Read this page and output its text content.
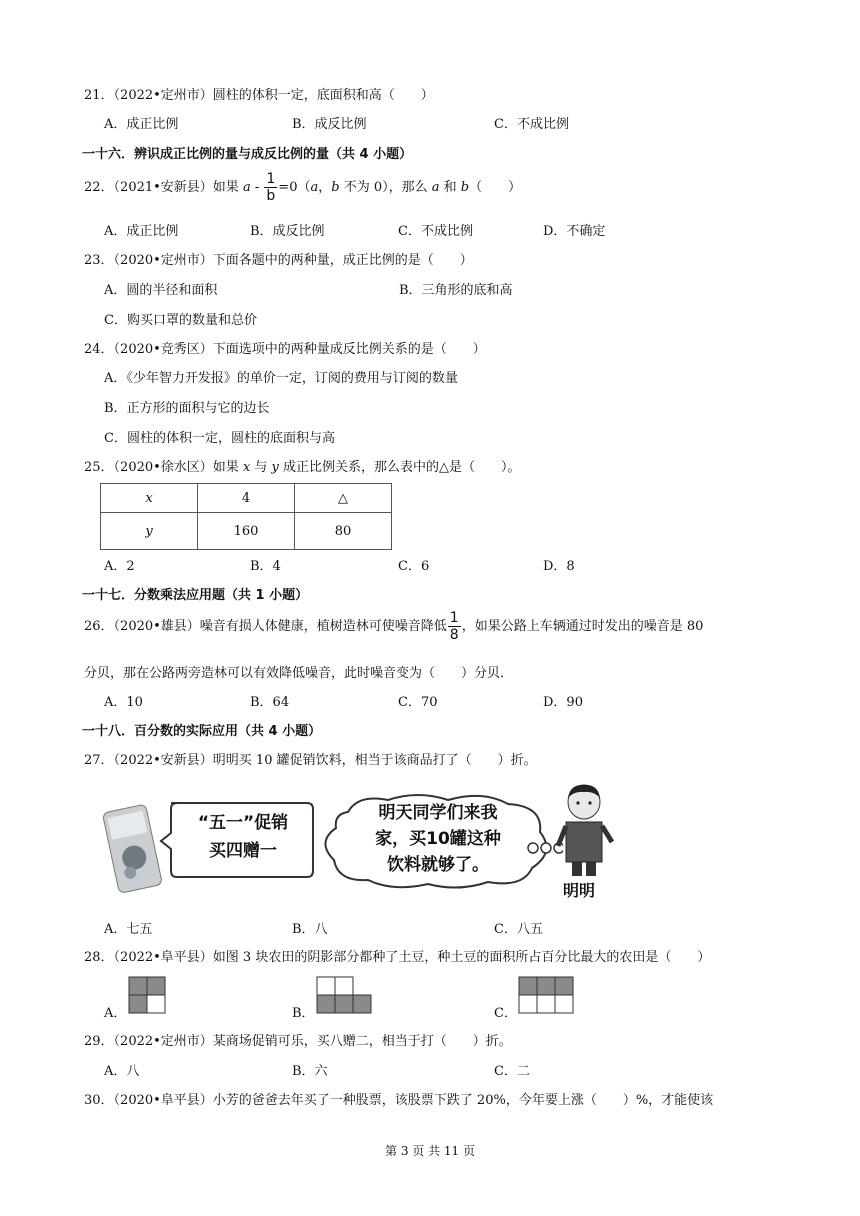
21．（2022•定州市）圆柱的体积一定，底面积和高（　　）
A．成正比例	B．成反比例	C．不成比例
一十六．辨识成正比例的量与成反比例的量（共 4 小题）
22．（2021•安新县）如果 $a - \frac{1}{b} =0(a$，b 不为 0），那么 a 和 b（　　）
A．成正比例	B．成反比例	C．不成比例	D．不确定
23．（2020•定州市）下面各题中的两种量，成正比例的是（　　）
A．圆的半径和面积	B．三角形的底和高
C．购买口罩的数量和总价
24．（2020•竞秀区）下面选项中的两种量成反比例关系的是（　　）
A．《少年智力开发报》的单价一定，订阅的费用与订阅的数量
B．正方形的面积与它的边长
C．圆柱的体积一定，圆柱的底面积与高
25．（2020•徐水区）如果 x 与 y 成正比例关系，那么表中的△是（　　）。
x	4	△
y	160	80
A．2	B．4	C．6	D．8
一十七．分数乘法应用题（共 1 小题）
26．（2020•雄县）噪音有损人体健康，植树造林可使噪音降低 $\frac{1}{8}$ ，如果公路上车辆通过时发出的噪音是 80
分贝，那在公路两旁造林可以有效降低噪音，此时噪音变为（　　）分贝．
A．10	B．64	C．70	D．90
一十八．百分数的实际应用（共 4 小题）
27．（2022•安新县）明明买 10 罐促销饮料，相当于该商品打了（　　）折。
“五一”促销
买四赠一
明天同学们来我
家，买10罐这种
饮料就够了。
明明
A．七五	B．八	C．八五
28．（2022•阜平县）如图 3 块农田的阴影部分都种了土豆，种土豆的面积所占百分比最大的农田是（　　）
A．	B．	C．
29．（2022•定州市）某商场促销可乐，买八赠二，相当于打（　　）折。
A．八	B．六	C．二
30．（2020•阜平县）小芳的爸爸去年买了一种股票，该股票下跌了 20%，今年要上涨（　　）%，才能使该
第 3 页 共 11 页
